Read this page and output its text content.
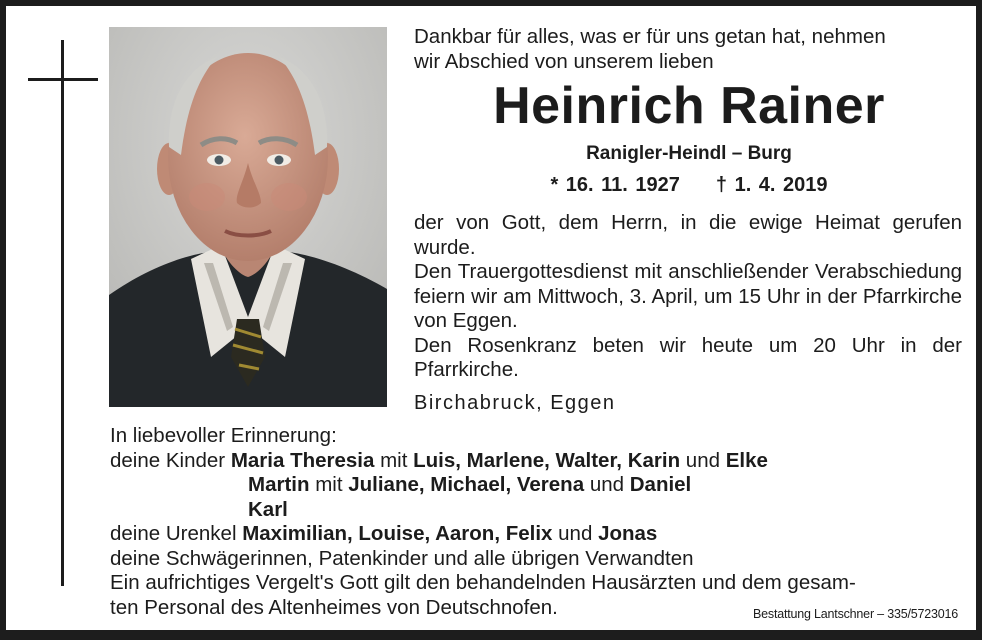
Dankbar für alles, was er für uns getan hat, nehmen
wir Abschied von unserem lieben
Heinrich Rainer
Ranigler-Heindl – Burg
* 16. 11. 1927 † 1. 4. 2019

der von Gott, dem Herrn, in die ewige Heimat gerufen wurde.

Den Trauergottesdienst mit anschließender Verabschiedung feiern wir am Mittwoch, 3. April, um 15 Uhr in der Pfarrkirche von Eggen.

Den Rosenkranz beten wir heute um 20 Uhr in der Pfarrkirche.

Birchabruck, Eggen
In liebevoller Erinnerung:
deine Kinder Maria Theresia mit Luis, Marlene, Walter, Karin und Elke
Martin mit Juliane, Michael, Verena und Daniel
Karl
deine Urenkel Maximilian, Louise, Aaron, Felix und Jonas
deine Schwägerinnen, Patenkinder und alle übrigen Verwandten
Ein aufrichtiges Vergelt's Gott gilt den behandelnden Hausärzten und dem gesam-
ten Personal des Altenheimes von Deutschnofen.	Bestattung Lantschner – 335/5723016
